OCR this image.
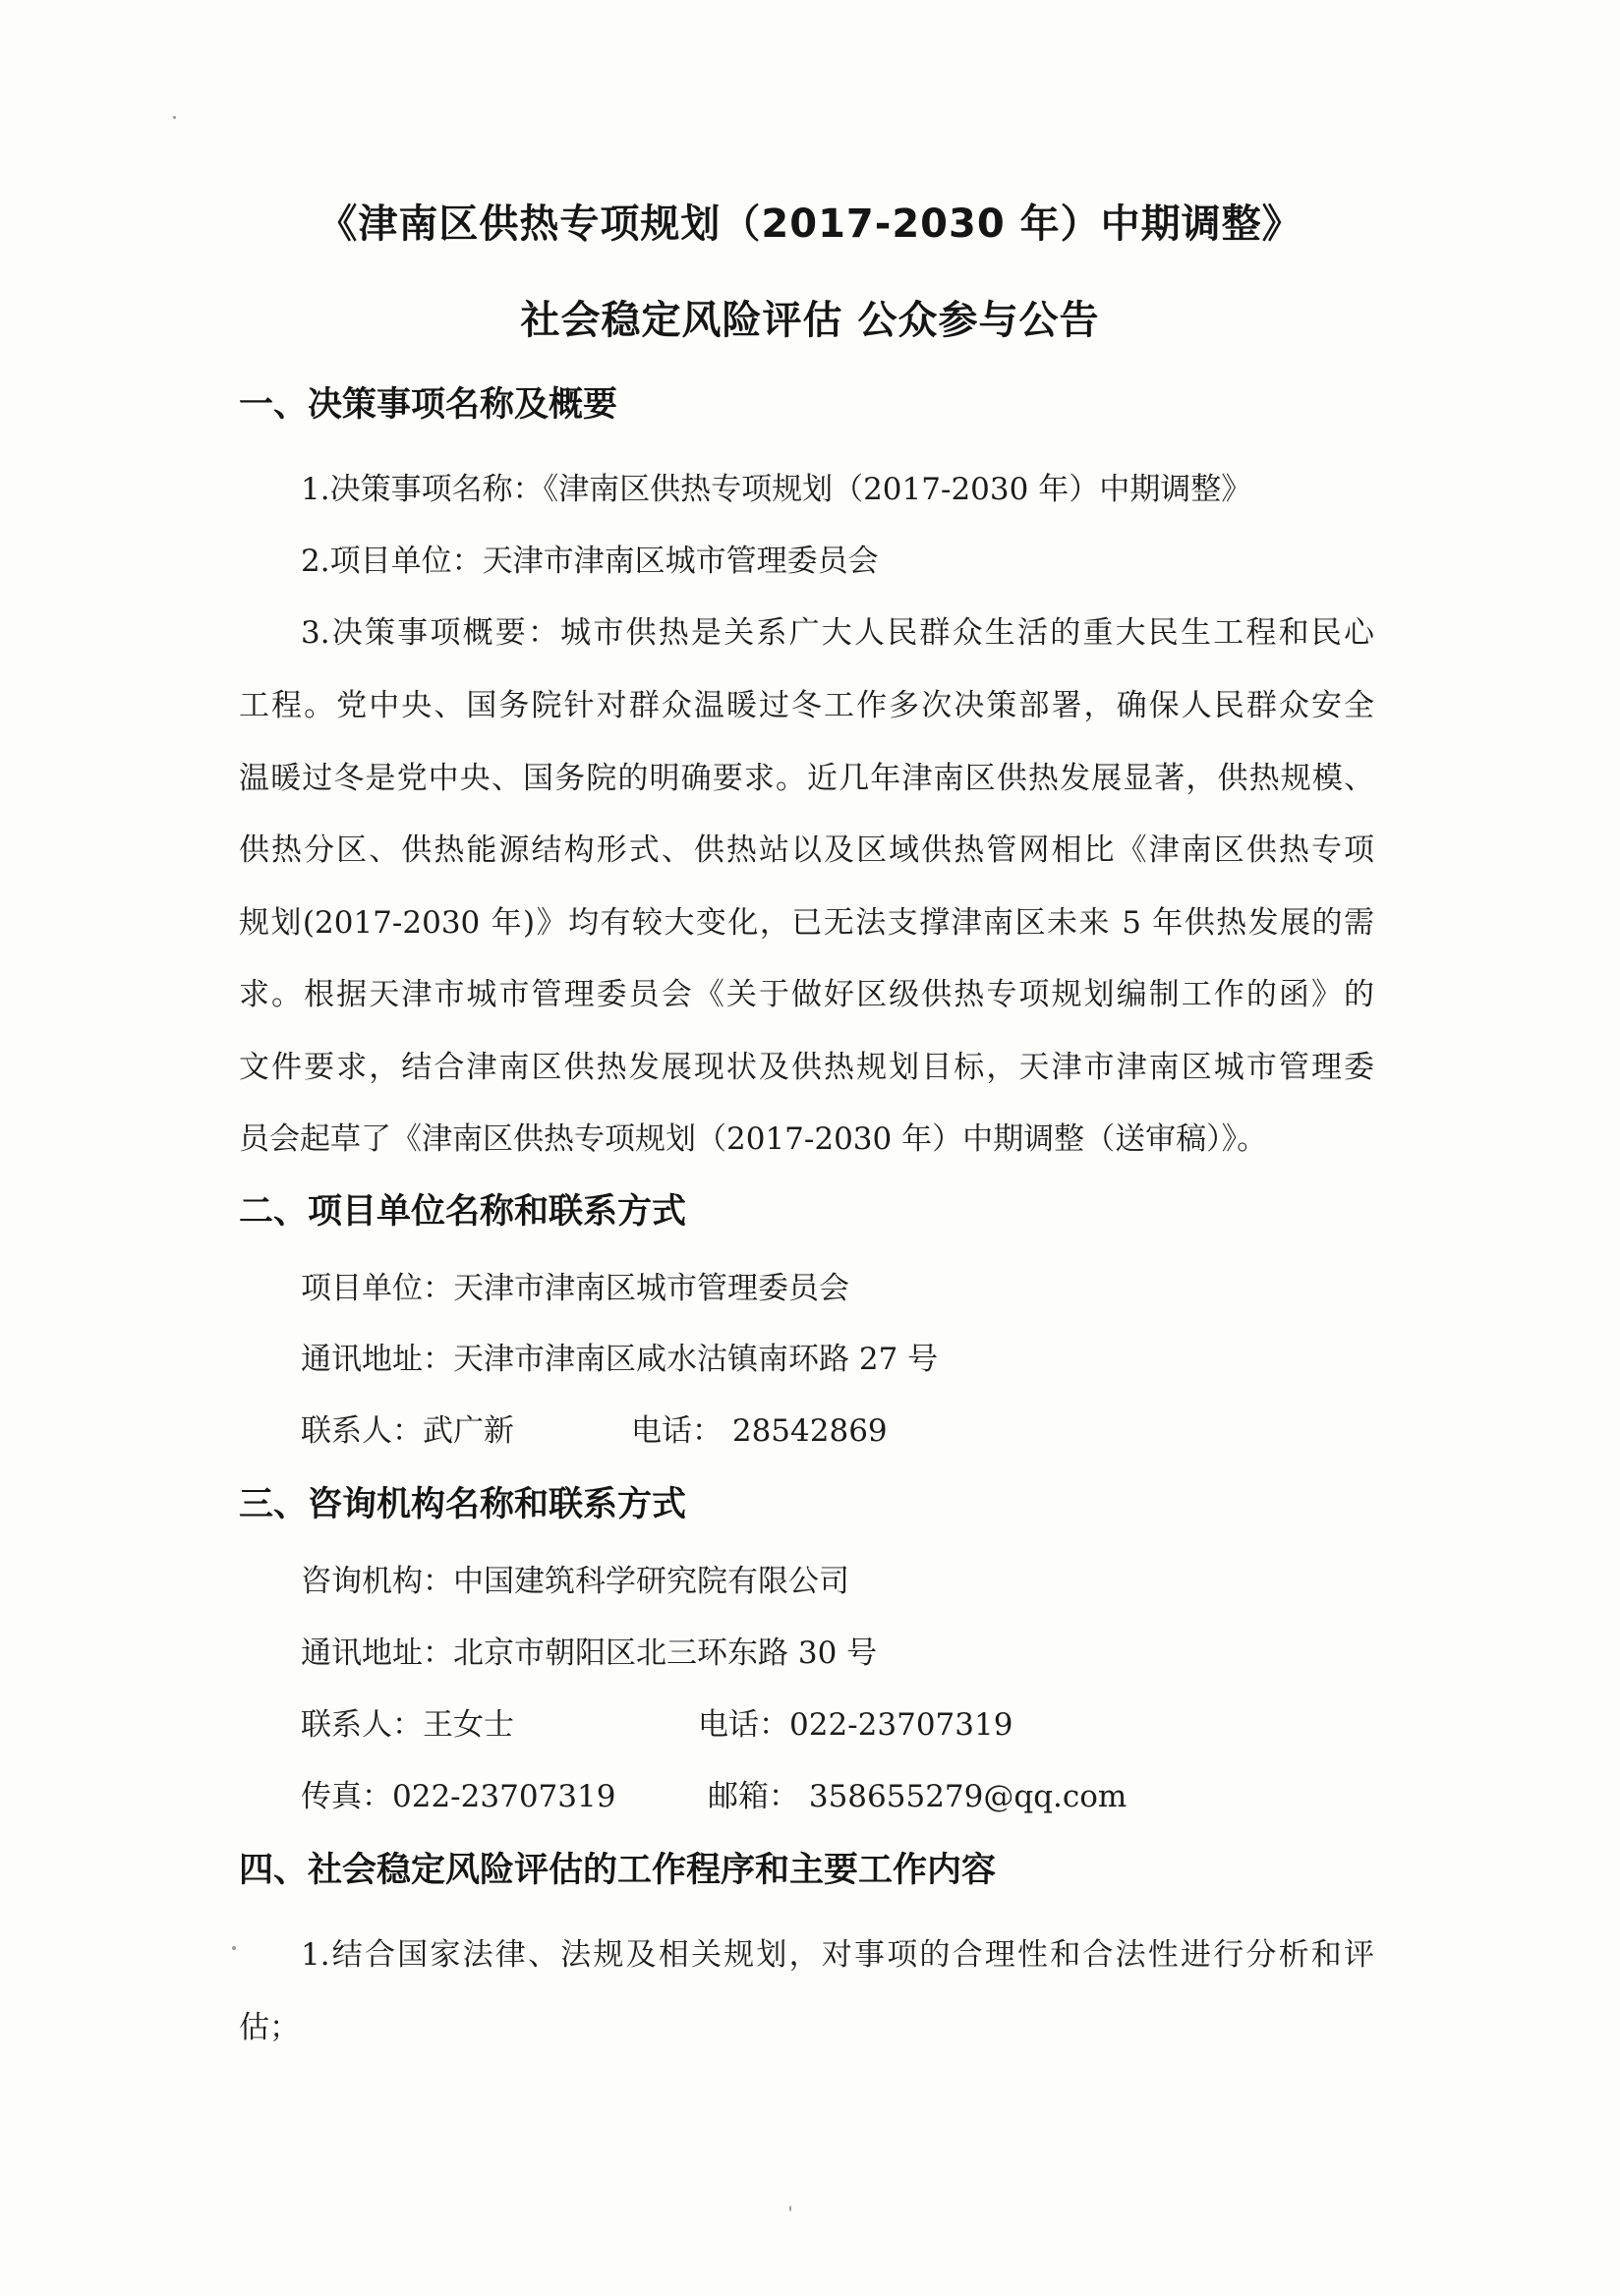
《津南区供热专项规划（2017-2030 年）中期调整》
社会稳定风险评估 公众参与公告
一、决策事项名称及概要
1.决策事项名称：《津南区供热专项规划（2017-2030 年）中期调整》
2.项目单位：天津市津南区城市管理委员会
3.决策事项概要：城市供热是关系广大人民群众生活的重大民生工程和民心
工程。党中央、国务院针对群众温暖过冬工作多次决策部署，确保人民群众安全
温暖过冬是党中央、国务院的明确要求。近几年津南区供热发展显著，供热规模、
供热分区、供热能源结构形式、供热站以及区域供热管网相比《津南区供热专项
规划(2017-2030 年)》均有较大变化，已无法支撑津南区未来 5 年供热发展的需
求。根据天津市城市管理委员会《关于做好区级供热专项规划编制工作的函》的
文件要求，结合津南区供热发展现状及供热规划目标，天津市津南区城市管理委
员会起草了《津南区供热专项规划（2017-2030 年）中期调整（送审稿）》。
二、项目单位名称和联系方式
项目单位：天津市津南区城市管理委员会
通讯地址：天津市津南区咸水沽镇南环路 27 号
联系人：武广新	电话： 28542869
三、咨询机构名称和联系方式
咨询机构：中国建筑科学研究院有限公司
通讯地址：北京市朝阳区北三环东路 30 号
联系人：王女士	电话：022-23707319
传真：022-23707319	邮箱： 358655279@qq.com
四、社会稳定风险评估的工作程序和主要工作内容
1.结合国家法律、法规及相关规划，对事项的合理性和合法性进行分析和评
估；
